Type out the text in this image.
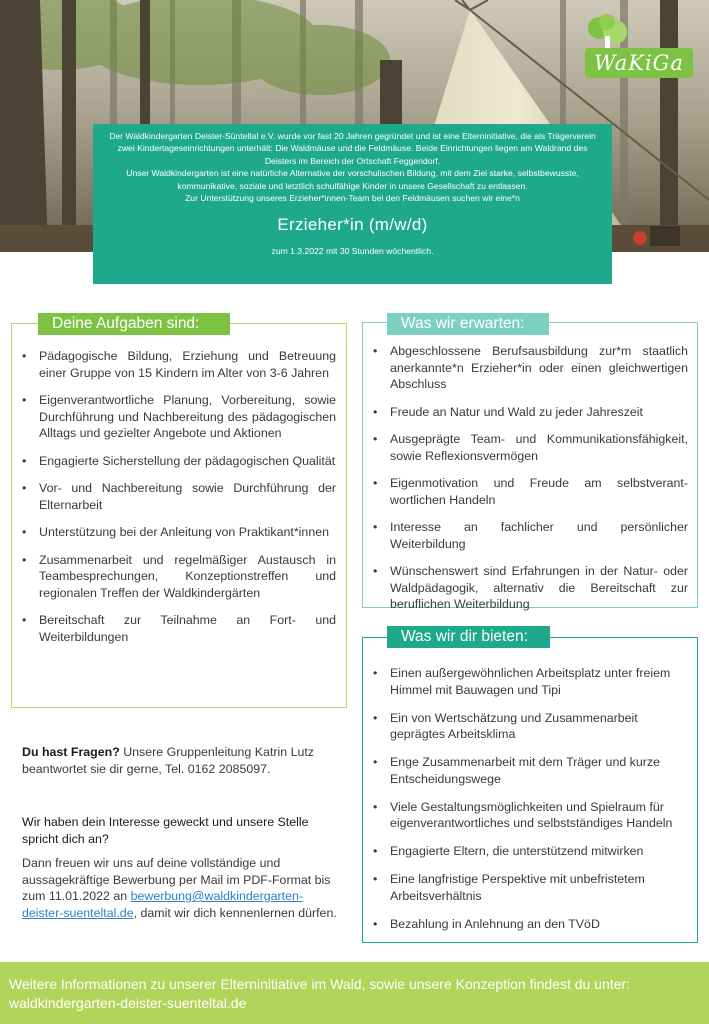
WaKiGa

Der Waldkindergarten Deister-Sünteltal e.V. wurde vor fast 20 Jahren gegründet und ist eine Elterninitiative, die als Trägerverein zwei Kindertageseinrichtungen unterhält: Die Waldmäuse und die Feldmäuse. Beide Einrichtungen liegen am Waldrand des Deisters im Bereich der Ortschaft Feggendorf.

Unser Waldkindergarten ist eine natürliche Alternative der vorschulischen Bildung, mit dem Ziel starke, selbstbewusste, kommunikative, soziale und letztlich schulfähige Kinder in unsere Gesellschaft zu entlassen.

Zur Unterstützung unseres Erzieher*innen-Team bei den Feldmäusen suchen wir eine*n

Erzieher*in (m/w/d)
zum 1.3.2022 mit 30 Stunden wöchentlich.
Deine Aufgaben sind:
• Pädagogische Bildung, Erziehung und Betreuung einer Gruppe von 15 Kindern im Alter von 3-6 Jahren
• Eigenverantwortliche Planung, Vorbereitung, sowie Durchführung und Nachbereitung des pädagogischen Alltags und gezielter Angebote und Aktionen
• Engagierte Sicherstellung der pädagogischen Qualität
• Vor- und Nachbereitung sowie Durchführung der Elternarbeit
• Unterstützung bei der Anleitung von Praktikant*innen
• Zusammenarbeit und regelmäßiger Austausch in Teambesprechungen, Konzeptionstreffen und regionalen Treffen der Waldkindergärten
• Bereitschaft zur Teilnahme an Fort- und Weiterbildungen
Was wir erwarten:
• Abgeschlossene Berufsausbildung zur*m staatlich anerkannte*n Erzieher*in oder einen gleichwertigen Abschluss
• Freude an Natur und Wald zu jeder Jahreszeit
• Ausgeprägte Team- und Kommunikationsfähigkeit, sowie Reflexionsvermögen
• Eigenmotivation und Freude am selbstverantwortlichen Handeln
• Interesse an fachlicher und persönlicher Weiterbildung
• Wünschenswert sind Erfahrungen in der Natur- oder Waldpädagogik, alternativ die Bereitschaft zur beruflichen Weiterbildung
Was wir dir bieten:
• Einen außergewöhnlichen Arbeitsplatz unter freiem Himmel mit Bauwagen und Tipi
• Ein von Wertschätzung und Zusammenarbeit geprägtes Arbeitsklima
• Enge Zusammenarbeit mit dem Träger und kurze Entscheidungswege
• Viele Gestaltungsmöglichkeiten und Spielraum für eigenverantwortliches und selbstständiges Handeln
• Engagierte Eltern, die unterstützend mitwirken
• Eine langfristige Perspektive mit unbefristetem Arbeitsverhältnis
• Bezahlung in Anlehnung an den TVöD
Du hast Fragen? Unsere Gruppenleitung Katrin Lutz beantwortet sie dir gerne, Tel. 0162 2085097.
Wir haben dein Interesse geweckt und unsere Stelle spricht dich an?
Dann freuen wir uns auf deine vollständige und aussagekräftige Bewerbung per Mail im PDF-Format bis zum 11.01.2022 an bewerbung@waldkindergarten-deister-suenteltal.de, damit wir dich kennenlernen dürfen.
Weitere Informationen zu unserer Elterninitiative im Wald, sowie unsere Konzeption findest du unter:
waldkindergarten-deister-suenteltal.de
